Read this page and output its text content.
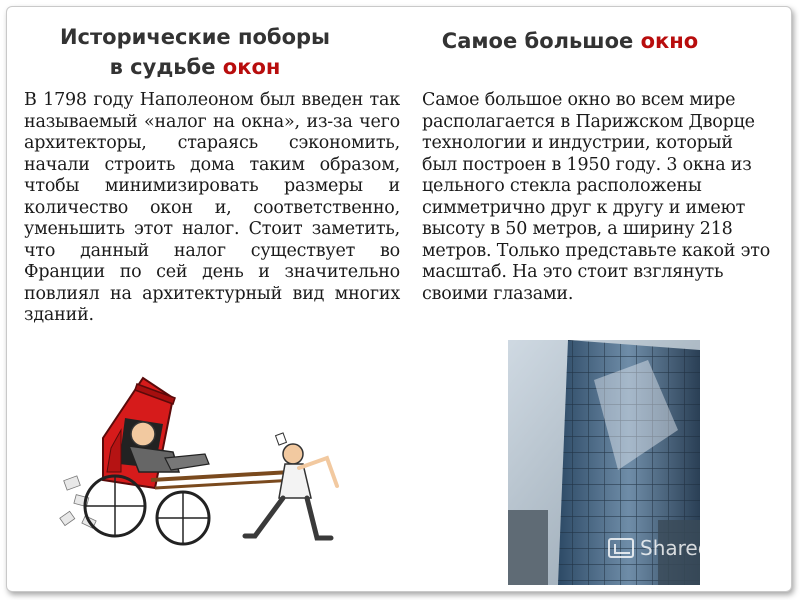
Исторические поборы
в судьбе окон
Самое большое окно

В 1798 году Наполеоном был введен так называемый «налог на окна», из-за чего архитекторы, стараясь сэкономить, начали строить дома таким образом, чтобы минимизировать размеры и количество окон и, соответственно, уменьшить этот налог. Стоит заметить, что данный налог существует во Франции по сей день и значительно повлиял на архитектурный вид многих зданий.

Самое большое окно во всем мире располагается в Парижском Дворце технологии и индустрии, который был построен в 1950 году. 3 окна из цельного стекла расположены симметрично друг к другу и имеют высоту в 50 метров, а ширину 218 метров. Только представьте какой это масштаб. На это стоит взглянуть своими глазами.

Shared
